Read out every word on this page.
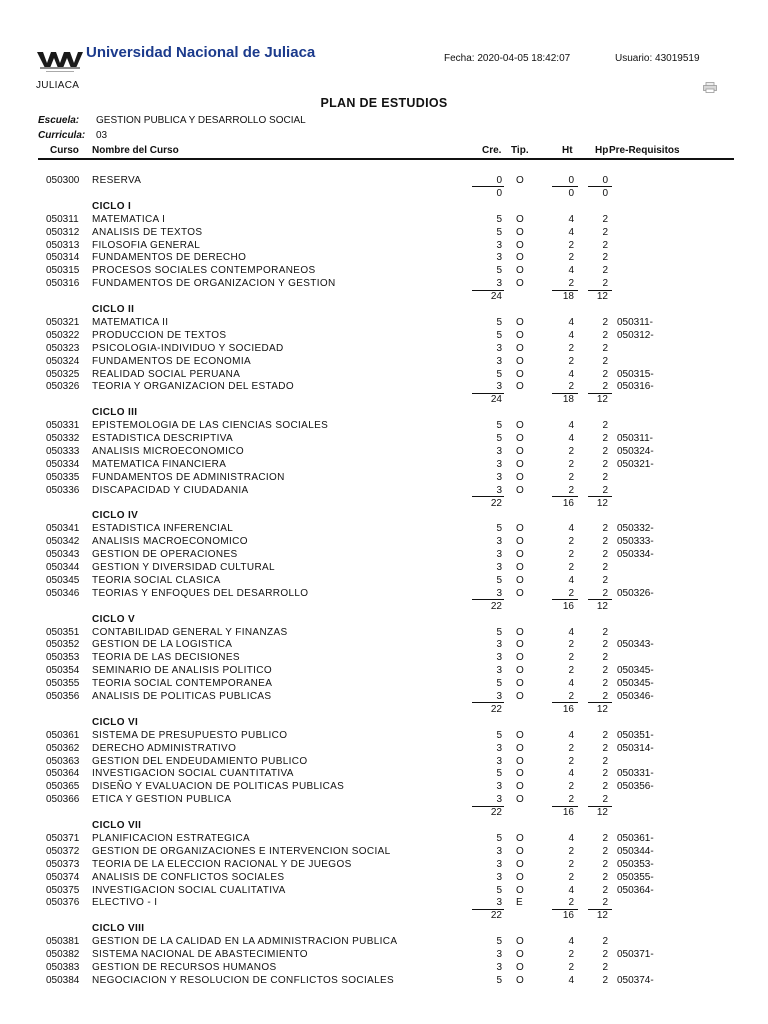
Universidad Nacional de Juliaca
JULIACA
Fecha: 2020-04-05 18:42:07	Usuario: 43019519
PLAN DE ESTUDIOS
Escuela: GESTION PUBLICA Y DESARROLLO SOCIAL
Curricula: 03
Curso Nombre del Curso	Cre. Tip.	Ht Hp Pre-Requisitos
050300 RESERVA	0 O	0	0
0	0	0
CICLO I
050311 MATEMATICA I	5 O	4	2
050312 ANALISIS DE TEXTOS	5 O	4	2
050313 FILOSOFIA GENERAL	3 O	2	2
050314 FUNDAMENTOS DE DERECHO	3 O	2	2
050315 PROCESOS SOCIALES CONTEMPORANEOS	5 O	4	2
050316 FUNDAMENTOS DE ORGANIZACION Y GESTION	3 O	2	2
24	18 12
CICLO II
050321 MATEMATICA II	5 O	4	2 050311-
050322 PRODUCCION DE TEXTOS	5 O	4	2 050312-
050323 PSICOLOGIA-INDIVIDUO Y SOCIEDAD	3 O	2	2
050324 FUNDAMENTOS DE ECONOMIA	3 O	2	2
050325 REALIDAD SOCIAL PERUANA	5 O	4	2 050315-
050326 TEORIA Y ORGANIZACION DEL ESTADO	3 O	2	2 050316-
24	18 12
CICLO III
050331 EPISTEMOLOGIA DE LAS CIENCIAS SOCIALES	5 O	4	2
050332 ESTADISTICA DESCRIPTIVA	5 O	4	2 050311-
050333 ANALISIS MICROECONOMICO	3 O	2	2 050324-
050334 MATEMATICA FINANCIERA	3 O	2	2 050321-
050335 FUNDAMENTOS DE ADMINISTRACION	3 O	2	2
050336 DISCAPACIDAD Y CIUDADANIA	3 O	2	2
22	16 12
CICLO IV
050341 ESTADISTICA INFERENCIAL	5 O	4	2 050332-
050342 ANALISIS MACROECONOMICO	3 O	2	2 050333-
050343 GESTION DE OPERACIONES	3 O	2	2 050334-
050344 GESTION Y DIVERSIDAD CULTURAL	3 O	2	2
050345 TEORIA SOCIAL CLASICA	5 O	4	2
050346 TEORIAS Y ENFOQUES DEL DESARROLLO	3 O	2	2 050326-
22	16 12
CICLO V
050351 CONTABILIDAD GENERAL Y FINANZAS	5 O	4	2
050352 GESTION DE LA LOGISTICA	3 O	2	2 050343-
050353 TEORIA DE LAS DECISIONES	3 O	2	2
050354 SEMINARIO DE ANALISIS POLITICO	3 O	2	2 050345-
050355 TEORIA SOCIAL CONTEMPORANEA	5 O	4	2 050345-
050356 ANALISIS DE POLITICAS PUBLICAS	3 O	2	2 050346-
22	16 12
CICLO VI
050361 SISTEMA DE PRESUPUESTO PUBLICO	5 O	4	2 050351-
050362 DERECHO ADMINISTRATIVO	3 O	2	2 050314-
050363 GESTION DEL ENDEUDAMIENTO PUBLICO	3 O	2	2
050364 INVESTIGACION SOCIAL CUANTITATIVA	5 O	4	2 050331-
050365 DISEÑO Y EVALUACION DE POLITICAS PUBLICAS	3 O	2	2 050356-
050366 ETICA Y GESTION PUBLICA	3 O	2	2
22	16 12
CICLO VII
050371 PLANIFICACION ESTRATEGICA	5 O	4	2 050361-
050372 GESTION DE ORGANIZACIONES E INTERVENCION SOCIAL	3 O	2	2 050344-
050373 TEORIA DE LA ELECCION RACIONAL Y DE JUEGOS	3 O	2	2 050353-
050374 ANALISIS DE CONFLICTOS SOCIALES	3 O	2	2 050355-
050375 INVESTIGACION SOCIAL CUALITATIVA	5 O	4	2 050364-
050376 ELECTIVO - I	3 E	2	2
22	16 12
CICLO VIII
050381 GESTION DE LA CALIDAD EN LA ADMINISTRACION PUBLICA	5 O	4	2
050382 SISTEMA NACIONAL DE ABASTECIMIENTO	3 O	2	2 050371-
050383 GESTION DE RECURSOS HUMANOS	3 O	2	2
050384 NEGOCIACION Y RESOLUCION DE CONFLICTOS SOCIALES	5 O	4	2 050374-
